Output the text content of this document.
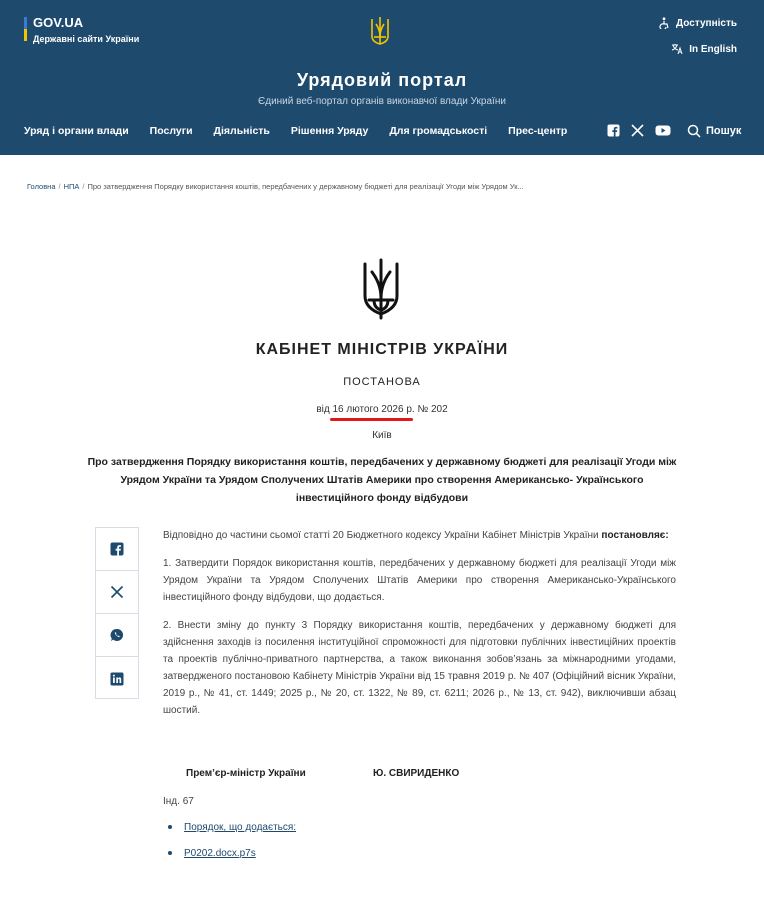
GOV.UA
Державні сайти України
Доступність
In English
Урядовий портал
Єдиний веб-портал органів виконавчої влади України
Уряд і органи влади Послуги Діяльність Рішення Уряду Для громадськості Прес-центр	Пошук
Головна / НПА / Про затвердження Порядку використання коштів, передбачених у державному бюджеті для реалізації Угоди між Урядом Ук...
КАБІНЕТ МІНІСТРІВ УКРАЇНИ
ПОСТАНОВА
від 16 лютого 2026 р. № 202
Київ
Про затвердження Порядку використання коштів, передбачених у державному бюджеті для реалізації Угоди між Урядом України та Урядом Сполучених Штатів Америки про створення Американсько- Українського інвестиційного фонду відбудови

Відповідно до частини сьомої статті 20 Бюджетного кодексу України Кабінет Міністрів України постановляє:

1. Затвердити Порядок використання коштів, передбачених у державному бюджеті для реалізації Угоди між Урядом України та Урядом Сполучених Штатів Америки про створення Американсько-Українського інвестиційного фонду відбудови, що додається.

2. Внести зміну до пункту 3 Порядку використання коштів, передбачених у державному бюджеті для здійснення заходів із посилення інституційної спроможності для підготовки публічних інвестиційних проектів та проектів публічно-приватного партнерства, а також виконання зобов’язань за міжнародними угодами, затвердженого постановою Кабінету Міністрів України від 15 травня 2019 р. № 407 (Офіційний вісник України, 2019 р., № 41, ст. 1449; 2025 р., № 20, ст. 1322, № 89, ст. 6211; 2026 р., № 13, ст. 942), виключивши абзац шостий.

Прем’єр-міністр України	Ю. СВИРИДЕНКО
Інд. 67
Порядок, що додається:
P0202.docx.p7s
